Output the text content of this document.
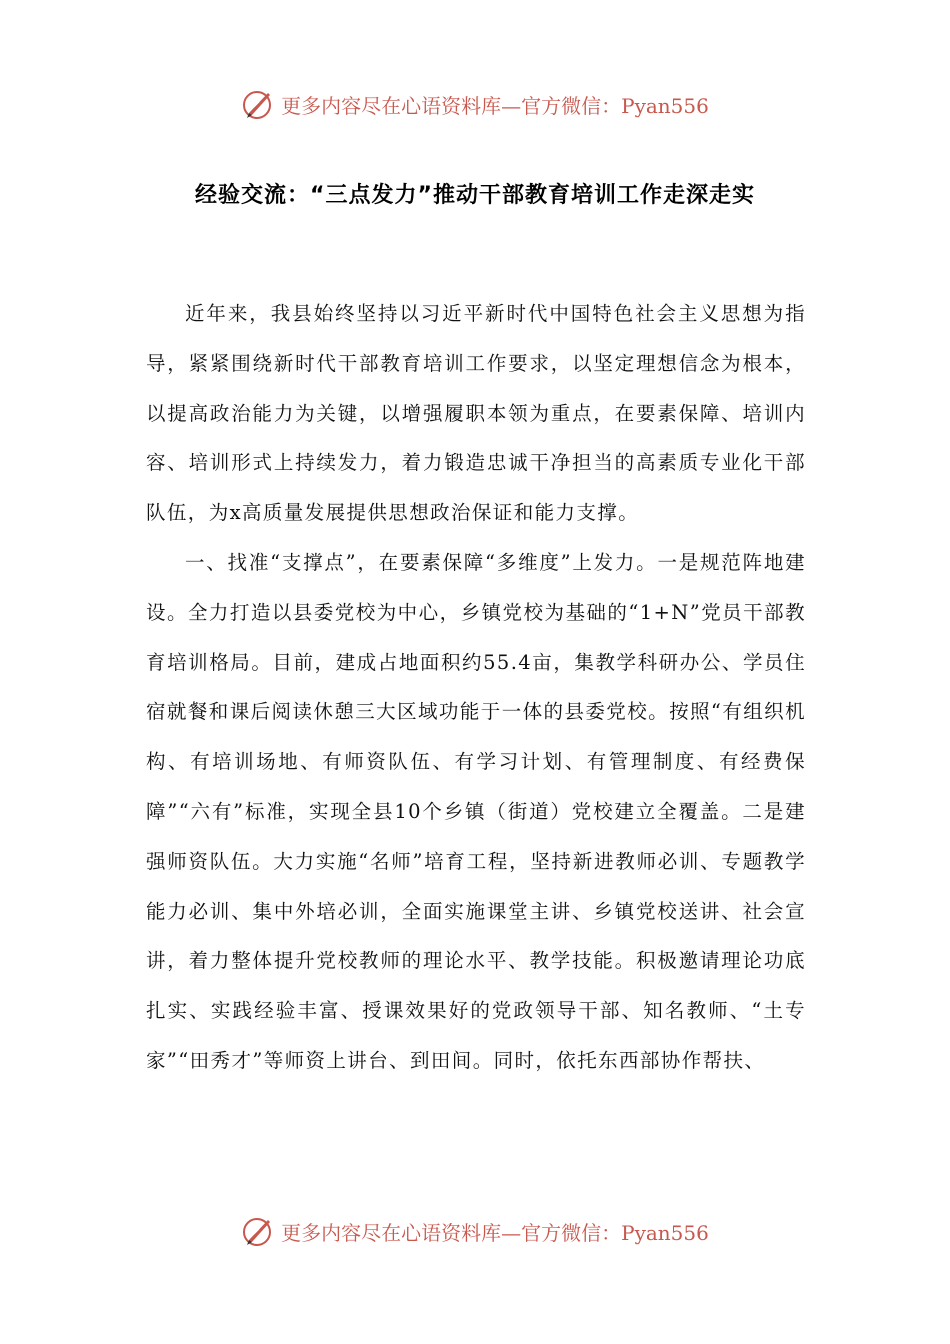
更多内容尽在心语资料库—官方微信：Pyan556
经验交流：“三点发力”推动干部教育培训工作走深走实

近年来，我县始终坚持以习近平新时代中国特色社会主义思想为指导，紧紧围绕新时代干部教育培训工作要求，以坚定理想信念为根本，以提高政治能力为关键，以增强履职本领为重点，在要素保障、培训内容、培训形式上持续发力，着力锻造忠诚干净担当的高素质专业化干部队伍，为x高质量发展提供思想政治保证和能力支撑。

一、找准“支撑点”，在要素保障“多维度”上发力。一是规范阵地建设。全力打造以县委党校为中心，乡镇党校为基础的“1+N”党员干部教育培训格局。目前，建成占地面积约55.4亩，集教学科研办公、学员住宿就餐和课后阅读休憩三大区域功能于一体的县委党校。按照“有组织机构、有培训场地、有师资队伍、有学习计划、有管理制度、有经费保障”“六有”标准，实现全县10个乡镇（街道）党校建立全覆盖。二是建强师资队伍。大力实施“名师”培育工程，坚持新进教师必训、专题教学能力必训、集中外培必训，全面实施课堂主讲、乡镇党校送讲、社会宣讲，着力整体提升党校教师的理论水平、教学技能。积极邀请理论功底扎实、实践经验丰富、授课效果好的党政领导干部、知名教师、“土专家”“田秀才”等师资上讲台、到田间。同时，依托东西部协作帮扶、

更多内容尽在心语资料库—官方微信：Pyan556
